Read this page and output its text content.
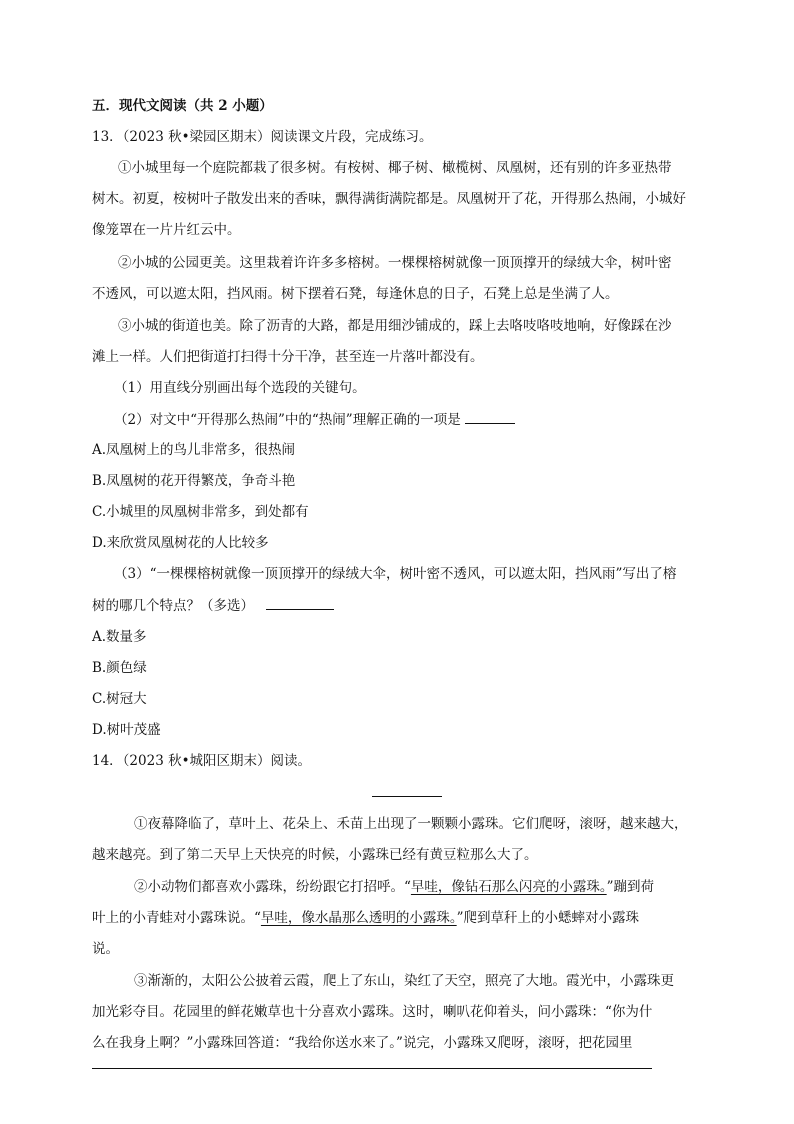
五．现代文阅读（共 2 小题）
13．（2023 秋•梁园区期末）阅读课文片段，完成练习。
①小城里每一个庭院都栽了很多树。有桉树、椰子树、橄榄树、凤凰树，还有别的许多亚热带
树木。初夏，桉树叶子散发出来的香味，飘得满街满院都是。凤凰树开了花，开得那么热闹，小城好
像笼罩在一片片红云中。
②小城的公园更美。这里栽着许许多多榕树。一棵棵榕树就像一顶顶撑开的绿绒大伞，树叶密
不透风，可以遮太阳，挡风雨。树下摆着石凳，每逢休息的日子，石凳上总是坐满了人。
③小城的街道也美。除了沥青的大路，都是用细沙铺成的，踩上去咯吱咯吱地响，好像踩在沙
滩上一样。人们把街道打扫得十分干净，甚至连一片落叶都没有。
（1）用直线分别画出每个选段的关键句。
（2）对文中“开得那么热闹”中的“热闹”理解正确的一项是
A.凤凰树上的鸟儿非常多，很热闹
B.凤凰树的花开得繁茂，争奇斗艳
C.小城里的凤凰树非常多，到处都有
D.来欣赏凤凰树花的人比较多
（3）“一棵棵榕树就像一顶顶撑开的绿绒大伞，树叶密不透风，可以遮太阳，挡风雨”写出了榕
树的哪几个特点？（多选）
A.数量多
B.颜色绿
C.树冠大
D.树叶茂盛
14．（2023 秋•城阳区期末）阅读。
①夜幕降临了，草叶上、花朵上、禾苗上出现了一颗颗小露珠。它们爬呀，滚呀，越来越大，
越来越亮。到了第二天早上天快亮的时候，小露珠已经有黄豆粒那么大了。
②小动物们都喜欢小露珠，纷纷跟它打招呼。“早哇，像钻石那么闪亮的小露珠。”蹦到荷
叶上的小青蛙对小露珠说。“早哇，像水晶那么透明的小露珠。”爬到草秆上的小蟋蟀对小露珠
说。
③渐渐的，太阳公公披着云霞，爬上了东山，染红了天空，照亮了大地。霞光中，小露珠更
加光彩夺目。花园里的鲜花嫩草也十分喜欢小露珠。这时，喇叭花仰着头，问小露珠：“你为什
么在我身上啊？”小露珠回答道：“我给你送水来了。”说完，小露珠又爬呀，滚呀，把花园里
